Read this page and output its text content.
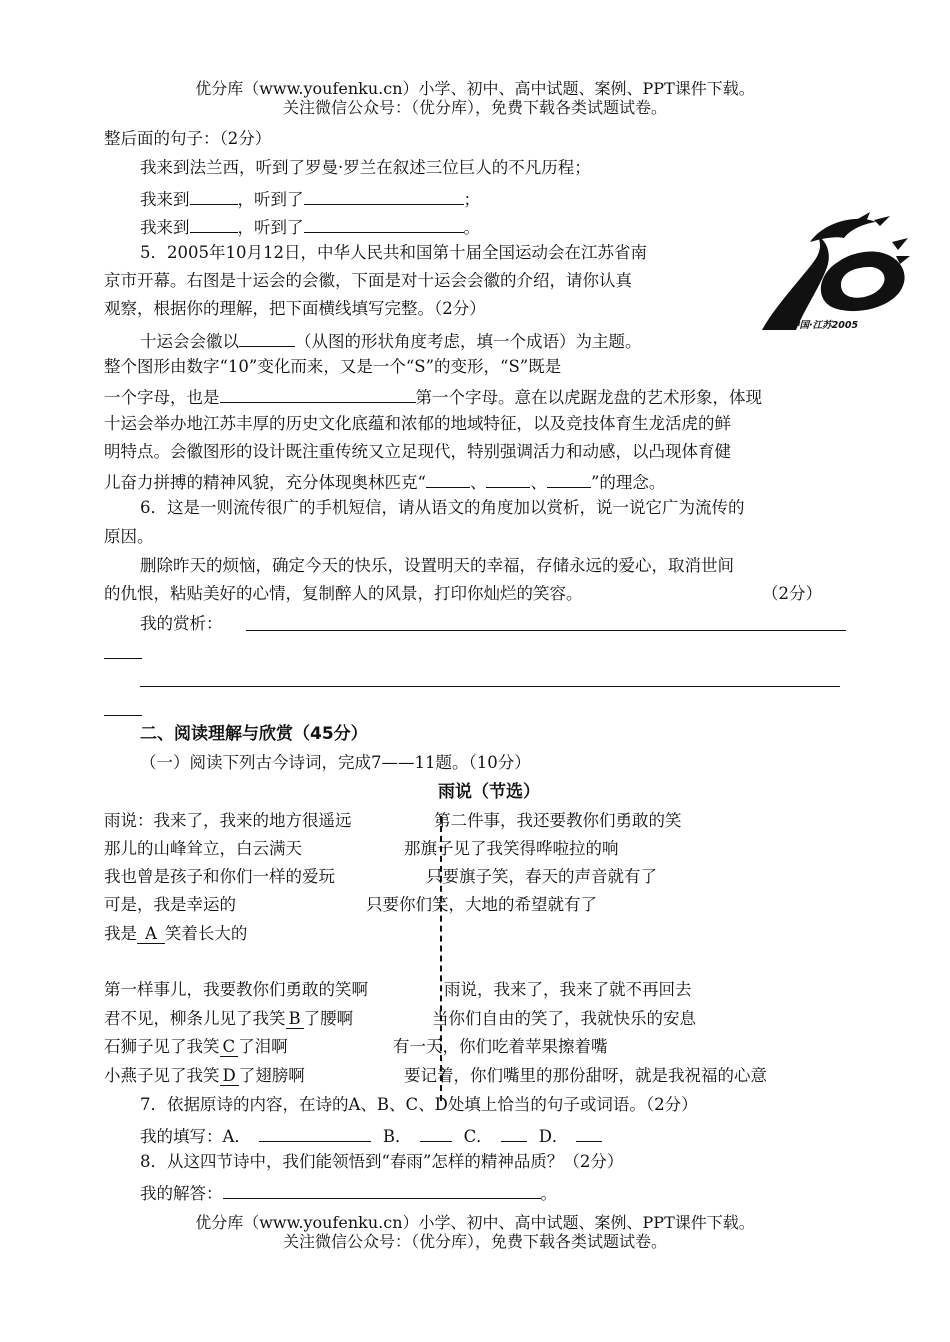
优分库（www.youfenku.cn）小学、初中、高中试题、案例、PPT课件下载。
关注微信公众号：（优分库），免费下载各类试题试卷。
整后面的句子：（2分）
我来到法兰西，听到了罗曼·罗兰在叙述三位巨人的不凡历程；
我来到	，听到了	；
我来到	，听到了	。
5．2005年10月12日，中华人民共和国第十届全国运动会在江苏省南
京市开幕。右图是十运会的会徽，下面是对十运会会徽的介绍，请你认真
观察，根据你的理解，把下面横线填写完整。（2分）
十运会会徽以	（从图的形状角度考虑，填一个成语）为主题。
整个图形由数字“10”变化而来，又是一个“S”的变形，“S”既是
一个字母，也是	第一个字母。意在以虎踞龙盘的艺术形象，体现
十运会举办地江苏丰厚的历史文化底蕴和浓郁的地域特征，以及竞技体育生龙活虎的鲜
明特点。会徽图形的设计既注重传统又立足现代，特别强调活力和动感，以凸现体育健
儿奋力拼搏的精神风貌，充分体现奥林匹克“	、	、	”的理念。
中国·江苏2005
6．这是一则流传很广的手机短信，请从语文的角度加以赏析，说一说它广为流传的
原因。
删除昨天的烦恼，确定今天的快乐，设置明天的幸福，存储永远的爱心，取消世间
的仇恨，粘贴美好的心情，复制醉人的风景，打印你灿烂的笑容。	（2分）
我的赏析：
二、阅读理解与欣赏（45分）
（一）阅读下列古今诗词，完成7——11题。（10分）
雨说（节选）
雨说：我来了，我来的地方很遥远
那儿的山峰耸立，白云满天
我也曾是孩子和你们一样的爱玩
可是，我是幸运的
我是 A 笑着长大的
第一样事儿，我要教你们勇敢的笑啊
君不见，柳条儿见了我笑 B 了腰啊
石狮子见了我笑 C 了泪啊
小燕子见了我笑 D 了翅膀啊
第二件事，我还要教你们勇敢的笑
那旗子见了我笑得哗啦拉的响
只要旗子笑，春天的声音就有了
只要你们笑，大地的希望就有了
雨说，我来了，我来了就不再回去
当你们自由的笑了，我就快乐的安息
有一天，你们吃着苹果擦着嘴
要记着，你们嘴里的那份甜呀，就是我祝福的心意
7．依据原诗的内容，在诗的A、B、C、D处填上恰当的句子或词语。（2分）
我的填写：A．	B．	C．	D．
8．从这四节诗中，我们能领悟到“春雨”怎样的精神品质？（2分）
我的解答：	。
优分库（www.youfenku.cn）小学、初中、高中试题、案例、PPT课件下载。
关注微信公众号：（优分库），免费下载各类试题试卷。
